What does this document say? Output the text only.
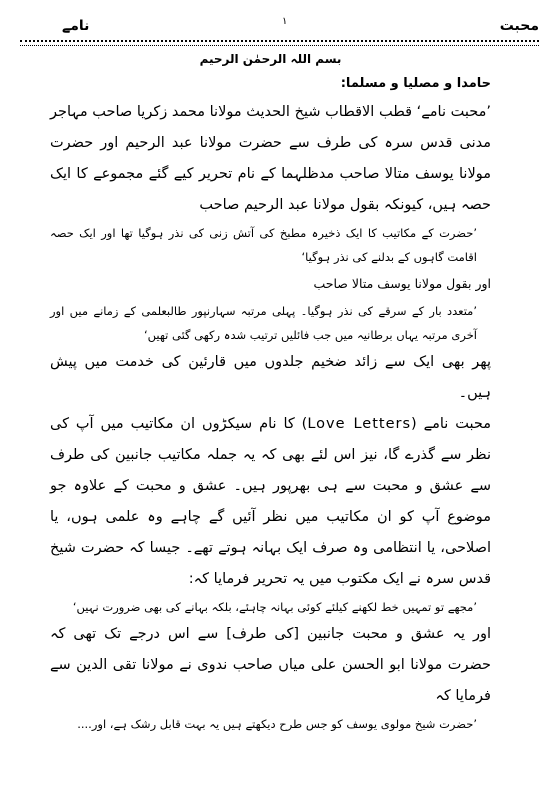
محبت
۱
نامے

بسم اللہ الرحمٰن الرحیم

حامدا و مصلیا و مسلما:

’محبت نامے‘ قطب الاقطاب شیخ الحدیث مولانا محمد زکریا صاحب مہاجر مدنی قدس سرہ کی طرف سے حضرت مولانا عبد الرحیم اور حضرت مولانا یوسف متالا صاحب مدظلہما کے نام تحریر کیے گئے مجموعے کا ایک حصہ ہیں، کیونکہ بقول مولانا عبد الرحیم صاحب

’حضرت کے مکاتیب کا ایک ذخیرہ مطبخ کی آتش زنی کی نذر ہوگیا تھا اور ایک حصہ اقامت گاہوں کے بدلنے کی نذر ہوگیا‘

اور بقول مولانا یوسف متالا صاحب

’متعدد بار کے سرقے کی نذر ہوگیا۔ پہلی مرتبہ سہارنپور طالبعلمی کے زمانے میں اور آخری مرتبہ یہاں برطانیہ میں جب فائلیں ترتیب شدہ رکھی گئی تھیں‘

پھر بھی ایک سے زائد ضخیم جلدوں میں قارئین کی خدمت میں پیش ہیں۔

محبت نامے (Love Letters) کا نام سیکڑوں ان مکاتیب میں آپ کی نظر سے گذرے گا، نیز اس لئے بھی کہ یہ جملہ مکاتیب جانبین کی طرف سے عشق و محبت سے ہی بھرپور ہیں۔ عشق و محبت کے علاوہ جو موضوع آپ کو ان مکاتیب میں نظر آئیں گے چاہے وہ علمی ہوں، یا اصلاحی، یا انتظامی وہ صرف ایک بہانہ ہوتے تھے۔ جیسا کہ حضرت شیخ قدس سرہ نے ایک مکتوب میں یہ تحریر فرمایا کہ:

’مجھے تو تمہیں خط لکھنے کیلئے کوئی بہانہ چاہئے، بلکہ بہانے کی بھی ضرورت نہیں‘

اور یہ عشق و محبت جانبین [کی طرف] سے اس درجے تک تھی کہ حضرت مولانا ابو الحسن علی میاں صاحب ندوی نے مولانا تقی الدین سے فرمایا کہ

’حضرت شیخ مولوی یوسف کو جس طرح دیکھتے ہیں یہ بہت قابل رشک ہے، اور....
